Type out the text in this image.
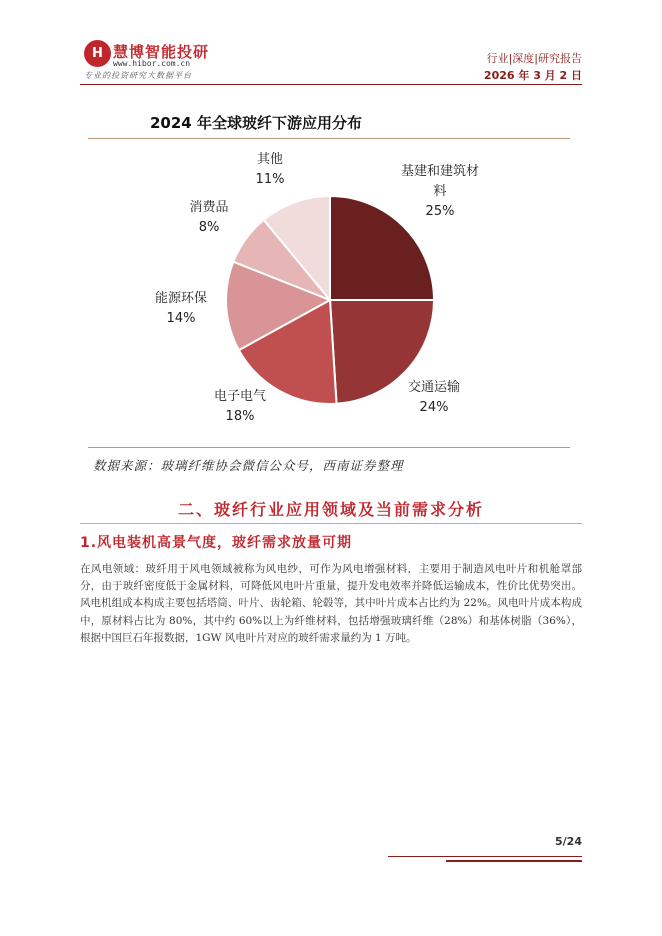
H 慧博智能投研
www.hibor.com.cn
专业的投资研究大数据平台
行业|深度|研究报告
2026 年 3 月 2 日
2024 年全球玻纤下游应用分布
基建和建筑材料
25%
交通运输
24%
电子电气
18%
能源环保
14%
消费品
8%
其他
11%
数据来源：玻璃纤维协会微信公众号，西南证券整理
二、玻纤行业应用领域及当前需求分析
1.风电装机高景气度，玻纤需求放量可期
在风电领域：玻纤用于风电领域被称为风电纱，可作为风电增强材料，主要用于制造风电叶片和机舱罩部分，由于玻纤密度低于金属材料，可降低风电叶片重量，提升发电效率并降低运输成本，性价比优势突出。风电机组成本构成主要包括塔筒、叶片、齿轮箱、轮毂等，其中叶片成本占比约为 22%。风电叶片成本构成中，原材料占比为 80%，其中约 60%以上为纤维材料，包括增强玻璃纤维（28%）和基体树脂（36%），根据中国巨石年报数据，1GW 风电叶片对应的玻纤需求量约为 1 万吨。
5/24
